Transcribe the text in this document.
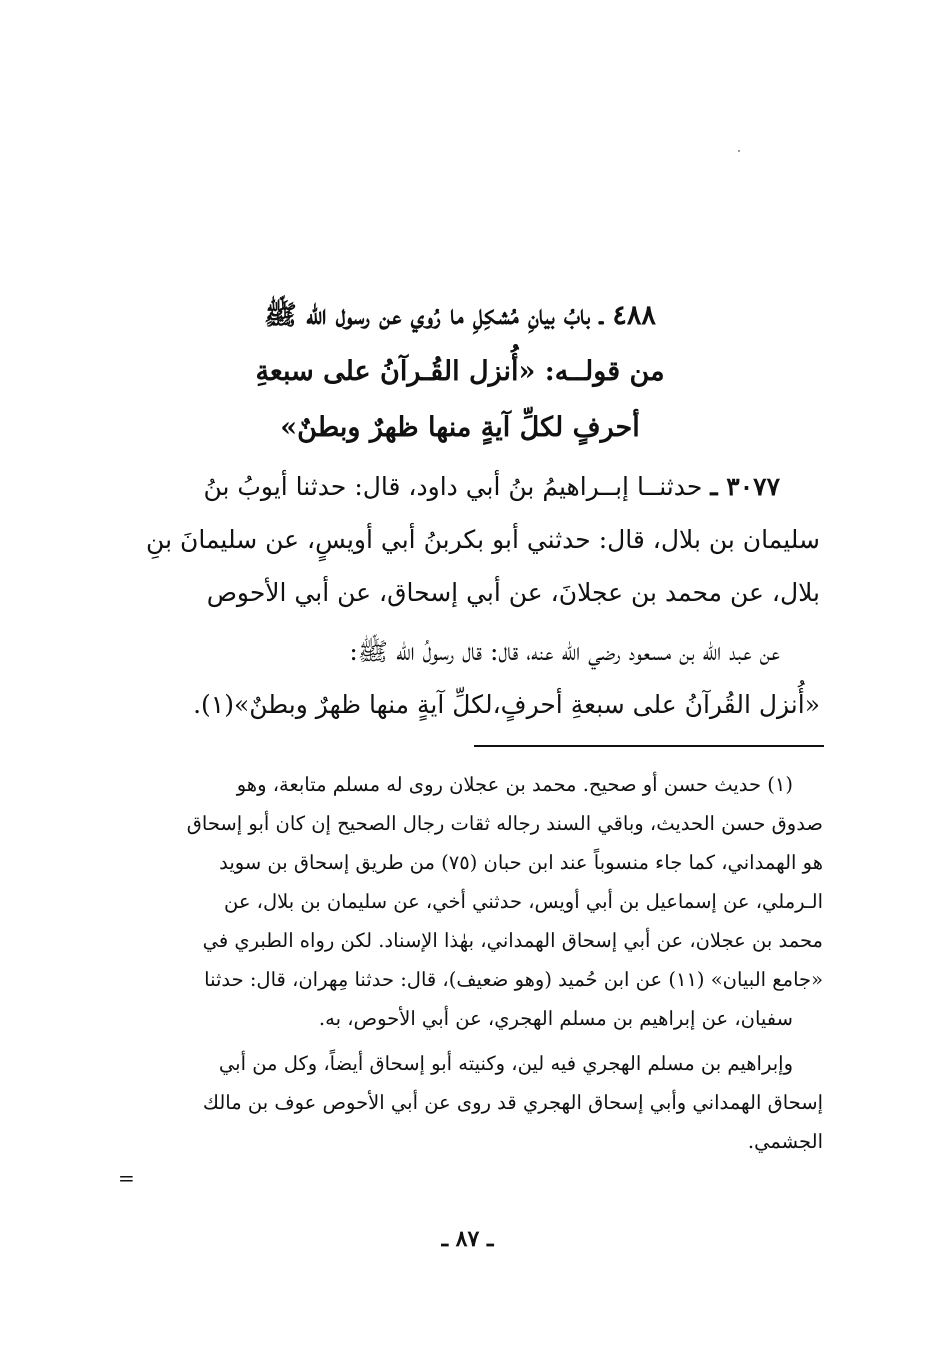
٤٨٨ ـ بابُ بيانِ مُشكِلِ ما رُوي عن رسول الله ﷺ
من قولــه: «أُنزل القُـرآنُ على سبعةِ
أحرفٍ لكلِّ آيةٍ منها ظهرٌ وبطنٌ»
٣٠٧٧ ـ حدثنــا إبــراهيمُ بنُ أبي داود، قال: حدثنا أيوبُ بنُ
سليمان بن بلال، قال: حدثني أبو بكربنُ أبي أويسٍ، عن سليمانَ بنِ
بلال، عن محمد بن عجلانَ، عن أبي إسحاق، عن أبي الأحوص
عن عبد الله بن مسعود رضي الله عنه، قال: قال رسولُ الله ﷺ:
«أُنزل القُرآنُ على سبعةِ أحرفٍ،لكلِّ آيةٍ منها ظهرٌ وبطنٌ»(١).
(١) حديث حسن أو صحيح. محمد بن عجلان روى له مسلم متابعة، وهو
صدوق حسن الحديث، وباقي السند رجاله ثقات رجال الصحيح إن كان أبو إسحاق
هو الهمداني، كما جاء منسوباً عند ابن حبان (٧٥) من طريق إسحاق بن سويد
الـرملي، عن إسماعيل بن أبي أويس، حدثني أخي، عن سليمان بن بلال، عن
محمد بن عجلان، عن أبي إسحاق الهمداني، بهٰذا الإسناد. لكن رواه الطبري في
«جامع البيان» (١١) عن ابن حُميد (وهو ضعيف)، قال: حدثنا مِهران، قال: حدثنا
سفيان، عن إبراهيم بن مسلم الهجري، عن أبي الأحوص، به.
وإبراهيم بن مسلم الهجري فيه لين، وكنيته أبو إسحاق أيضاً، وكل من أبي
إسحاق الهمداني وأبي إسحاق الهجري قد روى عن أبي الأحوص عوف بن مالك
الجشمي.
=
ـ ٨٧ ـ
